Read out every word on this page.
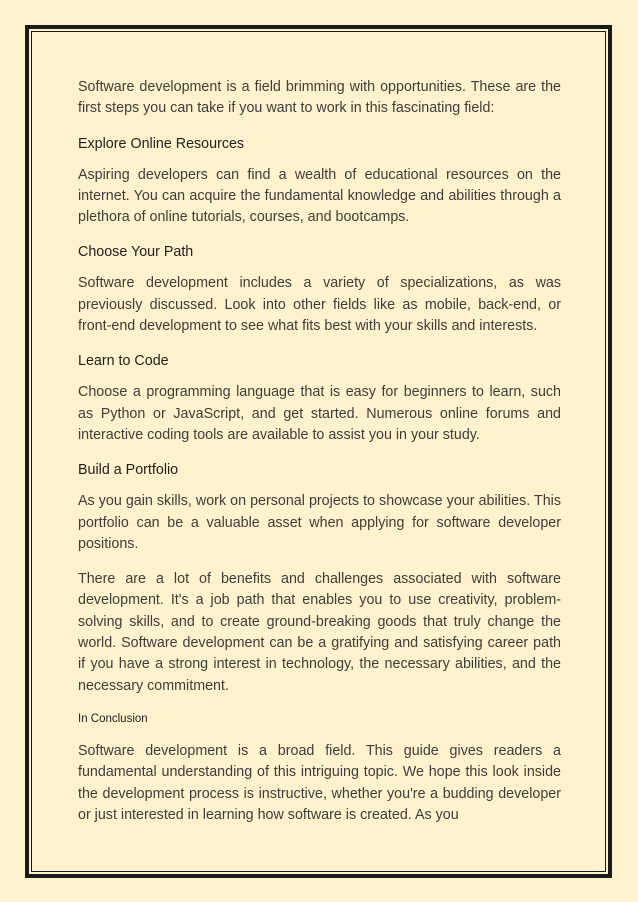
Software development is a field brimming with opportunities. These are the first steps you can take if you want to work in this fascinating field:

Explore Online Resources

Aspiring developers can find a wealth of educational resources on the internet. You can acquire the fundamental knowledge and abilities through a plethora of online tutorials, courses, and bootcamps.

Choose Your Path

Software development includes a variety of specializations, as was previously discussed. Look into other fields like as mobile, back-end, or front-end development to see what fits best with your skills and interests.

Learn to Code

Choose a programming language that is easy for beginners to learn, such as Python or JavaScript, and get started. Numerous online forums and interactive coding tools are available to assist you in your study.

Build a Portfolio

As you gain skills, work on personal projects to showcase your abilities. This portfolio can be a valuable asset when applying for software developer positions.

There are a lot of benefits and challenges associated with software development. It's a job path that enables you to use creativity, problem-solving skills, and to create ground-breaking goods that truly change the world. Software development can be a gratifying and satisfying career path if you have a strong interest in technology, the necessary abilities, and the necessary commitment.

In Conclusion

Software development is a broad field. This guide gives readers a fundamental understanding of this intriguing topic. We hope this look inside the development process is instructive, whether you're a budding developer or just interested in learning how software is created. As you
